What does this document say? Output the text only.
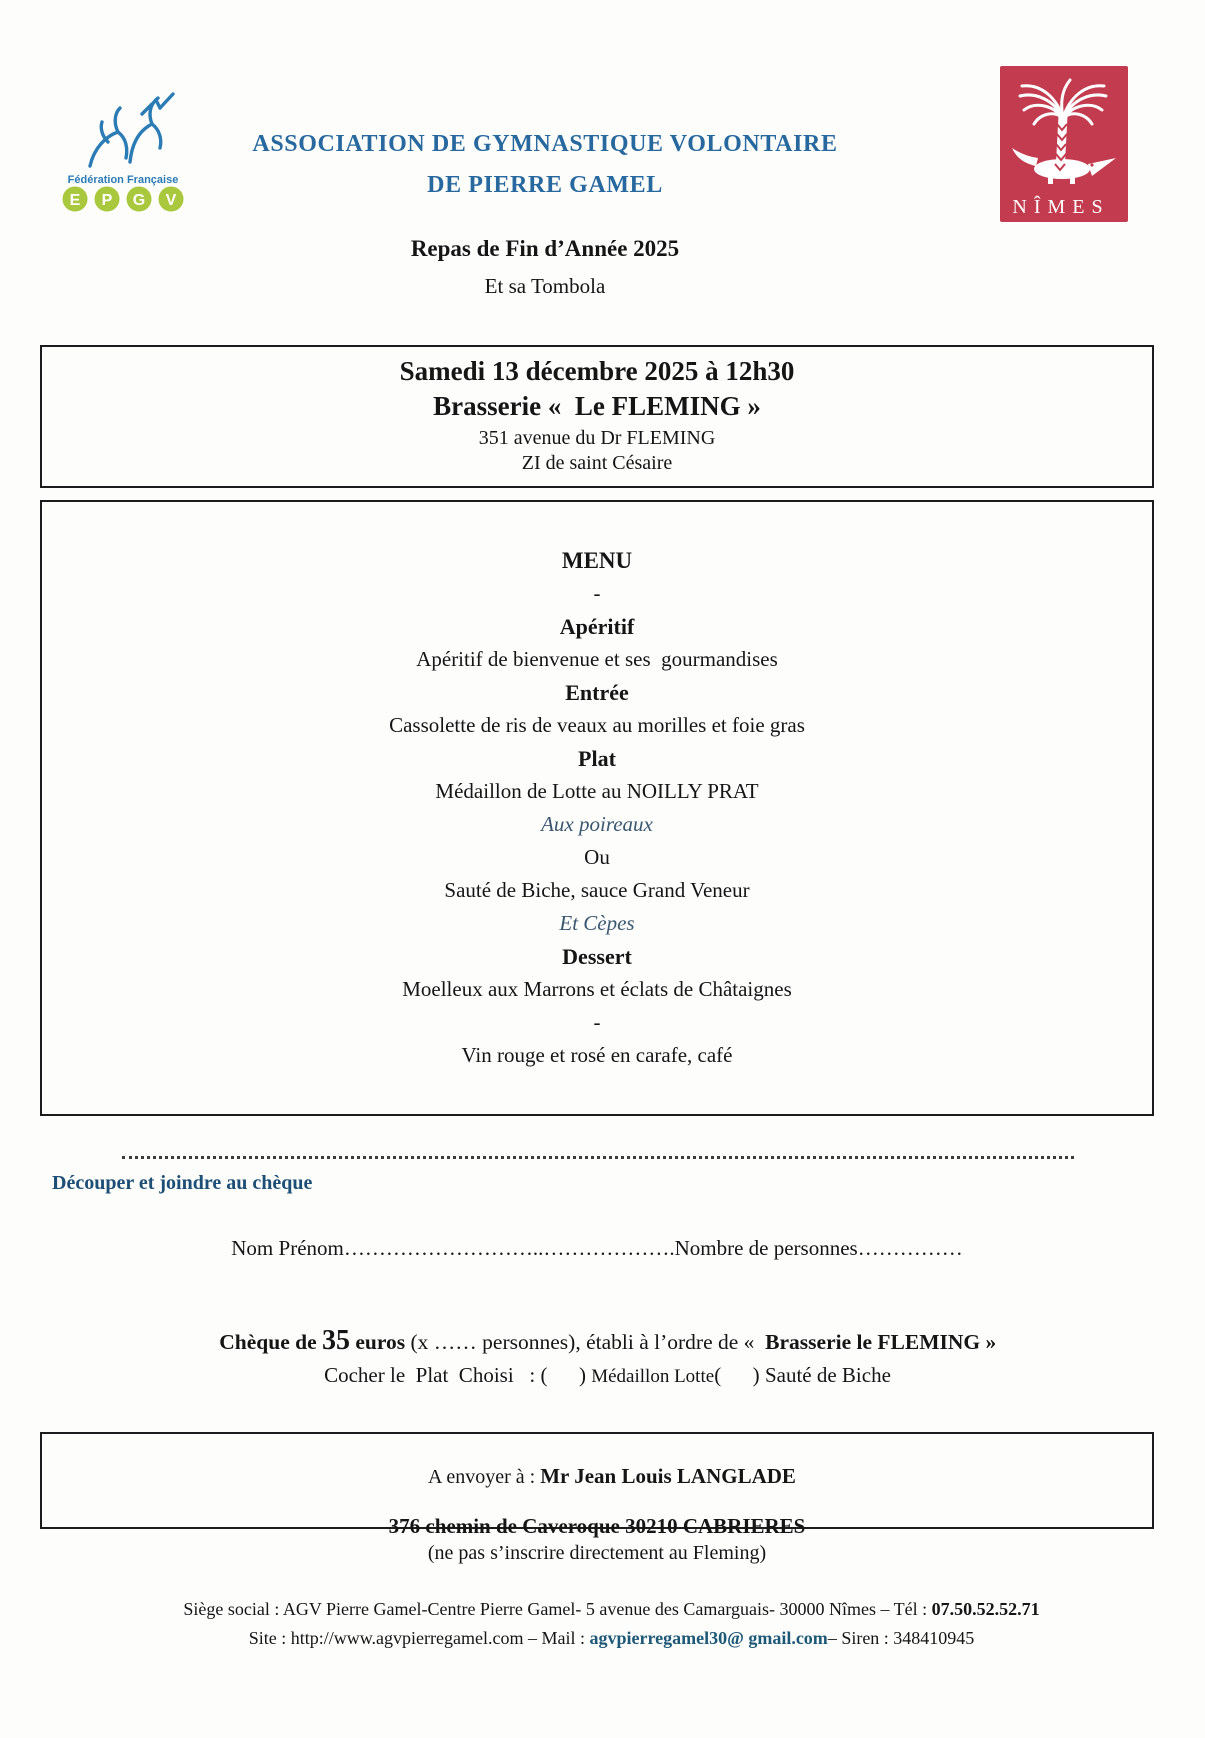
Fédération Française
E P G V	NÎMES
ASSOCIATION DE GYMNASTIQUE VOLONTAIRE
DE PIERRE GAMEL
Repas de Fin d’Année 2025
Et sa Tombola
Samedi 13 décembre 2025 à 12h30
Brasserie «  Le FLEMING »
351 avenue du Dr FLEMING
ZI de saint Césaire
MENU
-
Apéritif
Apéritif de bienvenue et ses  gourmandises
Entrée
Cassolette de ris de veaux au morilles et foie gras
Plat
Médaillon de Lotte au NOILLY PRAT
Aux poireaux
Ou
Sauté de Biche, sauce Grand Veneur
Et Cèpes
Dessert
Moelleux aux Marrons et éclats de Châtaignes
-
Vin rouge et rosé en carafe, café
Découper et joindre au chèque
Nom Prénom………………………..……………….Nombre de personnes……………

Chèque de 35 euros (x …… personnes), établi à l’ordre de «  Brasserie le FLEMING »

Cocher le  Plat  Choisi   : (      ) Médaillon Lotte(      ) Sauté de Biche

A envoyer à : Mr Jean Louis LANGLADE

376 chemin de Caveroque 30210 CABRIERES
(ne pas s’inscrire directement au Fleming)

Siège social : AGV Pierre Gamel-Centre Pierre Gamel- 5 avenue des Camarguais- 30000 Nîmes – Tél : 07.50.52.52.71

Site : http://www.agvpierregamel.com – Mail : agvpierregamel30@ gmail.com– Siren : 348410945
